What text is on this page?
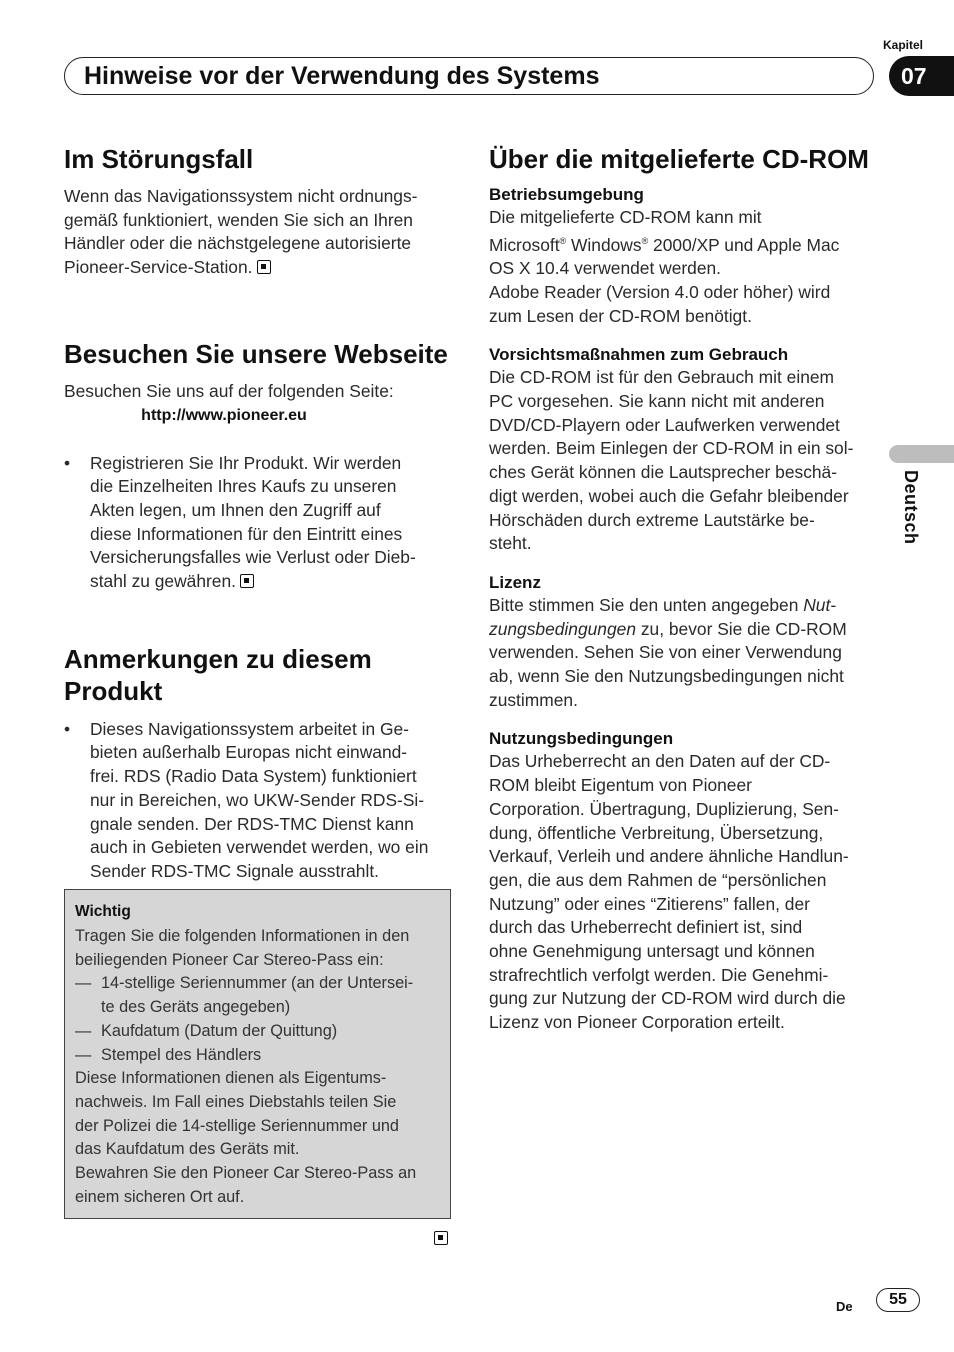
Kapitel
07
Hinweise vor der Verwendung des Systems
Im Störungsfall
Wenn das Navigationssystem nicht ordnungs-
gemäß funktioniert, wenden Sie sich an Ihren
Händler oder die nächstgelegene autorisierte
Pioneer-Service-Station.
Besuchen Sie unsere Webseite
Besuchen Sie uns auf der folgenden Seite:
http://www.pioneer.eu
•	Registrieren Sie Ihr Produkt. Wir werden
die Einzelheiten Ihres Kaufs zu unseren
Akten legen, um Ihnen den Zugriff auf
diese Informationen für den Eintritt eines
Versicherungsfalles wie Verlust oder Dieb-
stahl zu gewähren.
Anmerkungen zu diesem
Produkt
•	Dieses Navigationssystem arbeitet in Ge-
bieten außerhalb Europas nicht einwand-
frei. RDS (Radio Data System) funktioniert
nur in Bereichen, wo UKW-Sender RDS-Si-
gnale senden. Der RDS-TMC Dienst kann
auch in Gebieten verwendet werden, wo ein
Sender RDS-TMC Signale ausstrahlt.
Wichtig
Tragen Sie die folgenden Informationen in den
beiliegenden Pioneer Car Stereo-Pass ein:
— 14-stellige Seriennummer (an der Untersei-
te des Geräts angegeben)
— Kaufdatum (Datum der Quittung)
— Stempel des Händlers
Diese Informationen dienen als Eigentums-
nachweis. Im Fall eines Diebstahls teilen Sie
der Polizei die 14-stellige Seriennummer und
das Kaufdatum des Geräts mit.
Bewahren Sie den Pioneer Car Stereo-Pass an
einem sicheren Ort auf.
Über die mitgelieferte CD-ROM
Betriebsumgebung
Die mitgelieferte CD-ROM kann mit
Microsoft® Windows® 2000/XP und Apple Mac
OS X 10.4 verwendet werden.
Adobe Reader (Version 4.0 oder höher) wird
zum Lesen der CD-ROM benötigt.
Vorsichtsmaßnahmen zum Gebrauch
Die CD-ROM ist für den Gebrauch mit einem
PC vorgesehen. Sie kann nicht mit anderen
DVD/CD-Playern oder Laufwerken verwendet
werden. Beim Einlegen der CD-ROM in ein sol-
ches Gerät können die Lautsprecher beschä-
digt werden, wobei auch die Gefahr bleibender
Hörschäden durch extreme Lautstärke be-
steht.
Lizenz
Bitte stimmen Sie den unten angegeben Nut-
zungsbedingungen zu, bevor Sie die CD-ROM
verwenden. Sehen Sie von einer Verwendung
ab, wenn Sie den Nutzungsbedingungen nicht
zustimmen.
Nutzungsbedingungen
Das Urheberrecht an den Daten auf der CD-
ROM bleibt Eigentum von Pioneer
Corporation. Übertragung, Duplizierung, Sen-
dung, öffentliche Verbreitung, Übersetzung,
Verkauf, Verleih und andere ähnliche Handlun-
gen, die aus dem Rahmen de “persönlichen
Nutzung” oder eines “Zitierens” fallen, der
durch das Urheberrecht definiert ist, sind
ohne Genehmigung untersagt und können
strafrechtlich verfolgt werden. Die Genehmi-
gung zur Nutzung der CD-ROM wird durch die
Lizenz von Pioneer Corporation erteilt.
Deutsch
De	55
